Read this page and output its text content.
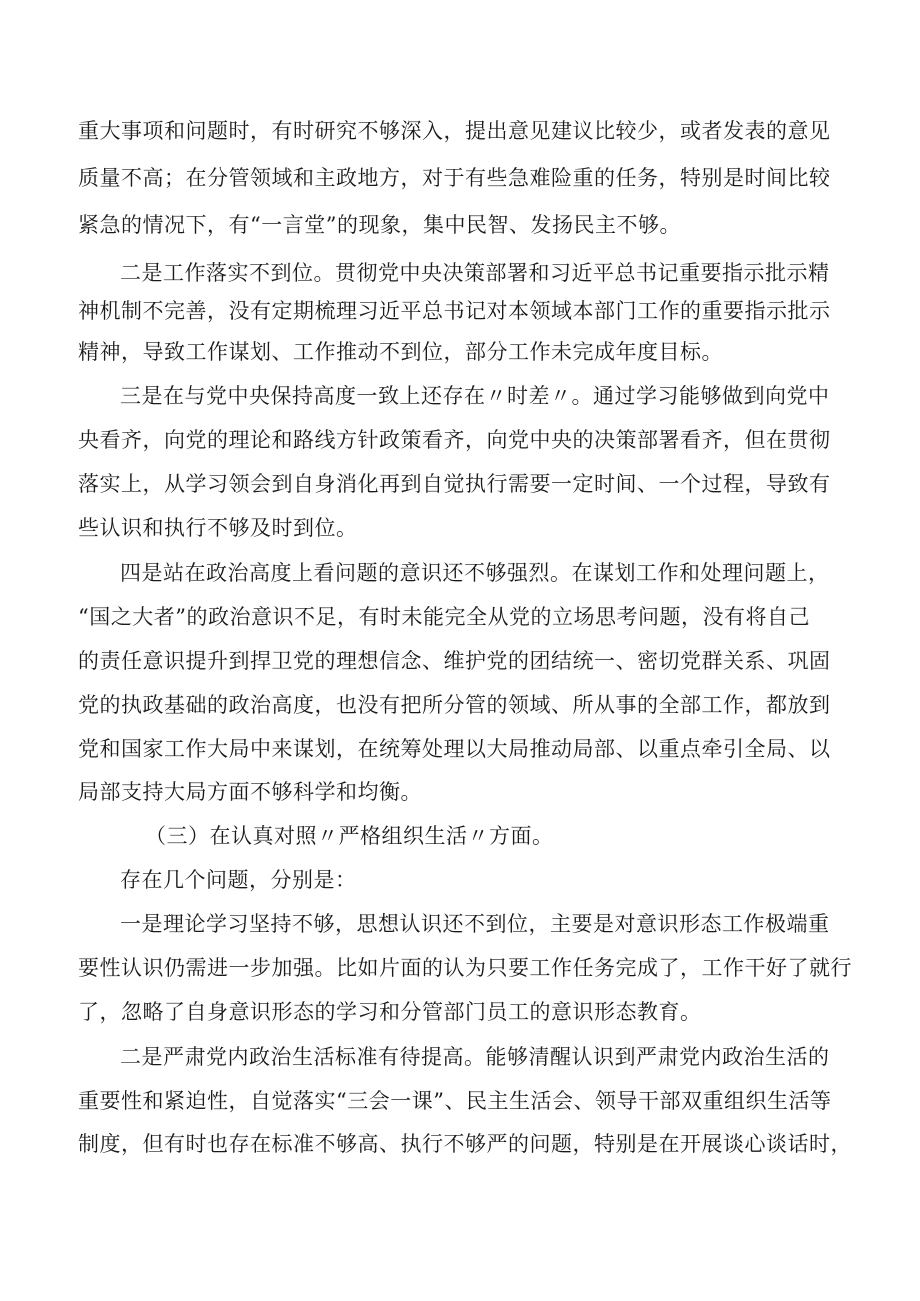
重大事项和问题时，有时研究不够深入，提出意见建议比较少，或者发表的意见
质量不高；在分管领域和主政地方，对于有些急难险重的任务，特别是时间比较
紧急的情况下，有“一言堂”的现象，集中民智、发扬民主不够。
二是工作落实不到位。贯彻党中央决策部署和习近平总书记重要指示批示精
神机制不完善，没有定期梳理习近平总书记对本领域本部门工作的重要指示批示
精神，导致工作谋划、工作推动不到位，部分工作未完成年度目标。
三是在与党中央保持高度一致上还存在〃时差〃。通过学习能够做到向党中
央看齐，向党的理论和路线方针政策看齐，向党中央的决策部署看齐，但在贯彻
落实上，从学习领会到自身消化再到自觉执行需要一定时间、一个过程，导致有
些认识和执行不够及时到位。
四是站在政治高度上看问题的意识还不够强烈。在谋划工作和处理问题上，
“国之大者”的政治意识不足，有时未能完全从党的立场思考问题，没有将自己
的责任意识提升到捍卫党的理想信念、维护党的团结统一、密切党群关系、巩固
党的执政基础的政治高度，也没有把所分管的领域、所从事的全部工作，都放到
党和国家工作大局中来谋划，在统筹处理以大局推动局部、以重点牵引全局、以
局部支持大局方面不够科学和均衡。
（三）在认真对照〃严格组织生活〃方面。
存在几个问题，分别是：
一是理论学习坚持不够，思想认识还不到位，主要是对意识形态工作极端重
要性认识仍需进一步加强。比如片面的认为只要工作任务完成了，工作干好了就行
了，忽略了自身意识形态的学习和分管部门员工的意识形态教育。
二是严肃党内政治生活标准有待提高。能够清醒认识到严肃党内政治生活的
重要性和紧迫性，自觉落实“三会一课”、民主生活会、领导干部双重组织生活等
制度，但有时也存在标准不够高、执行不够严的问题，特别是在开展谈心谈话时，
